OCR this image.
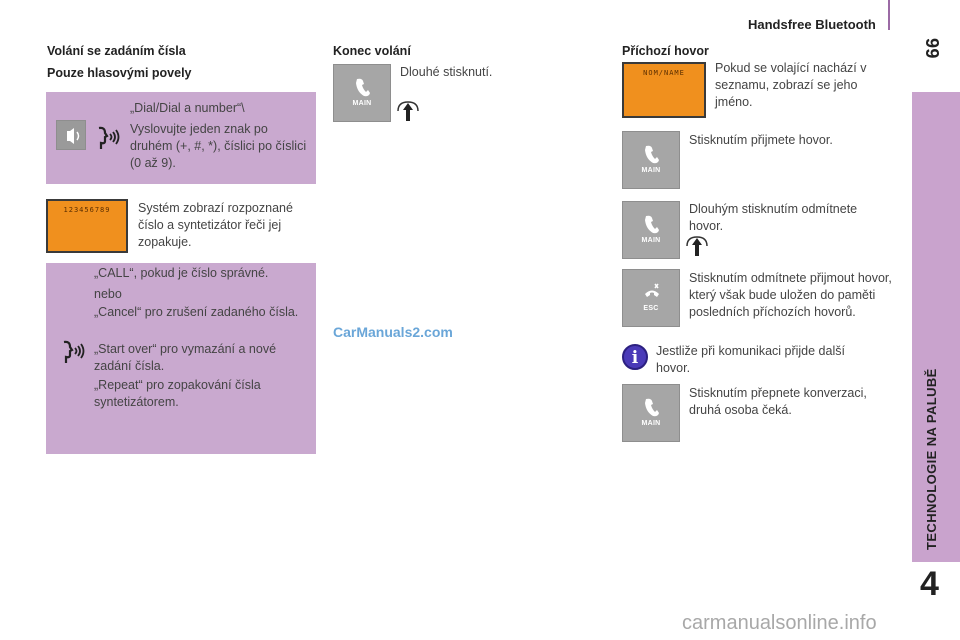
Handsfree Bluetooth
99
TECHNOLOGIE NA PALUBĚ
4
Volání se zadáním čísla
Pouze hlasovými povely
„Dial/Dial a number“\
Vyslovujte jeden znak po druhém (+, #, *), číslici po číslici (0 až 9).
123456789	Systém zobrazí rozpoznané číslo a syntetizátor řeči jej zopakuje.
„CALL“, pokud je číslo správné.
nebo
„Cancel“ pro zrušení zadaného čísla.
„Start over“ pro vymazání a nové zadání čísla.
„Repeat“ pro zopakování čísla syntetizátorem.
Konec volání
MAIN
Dlouhé stisknutí.
CarManuals2.com
Příchozí hovor
NOM/NAME	Pokud se volající nachází v seznamu, zobrazí se jeho jméno.
MAIN
Stisknutím přijmete hovor.
MAIN
Dlouhým stisknutím odmítnete hovor.
ESC
Stisknutím odmítnete přijmout hovor, který však bude uložen do paměti posledních příchozích hovorů.
i	Jestliže při komunikaci přijde další hovor.
MAIN
Stisknutím přepnete konverzaci, druhá osoba čeká.
carmanualsonline.info
